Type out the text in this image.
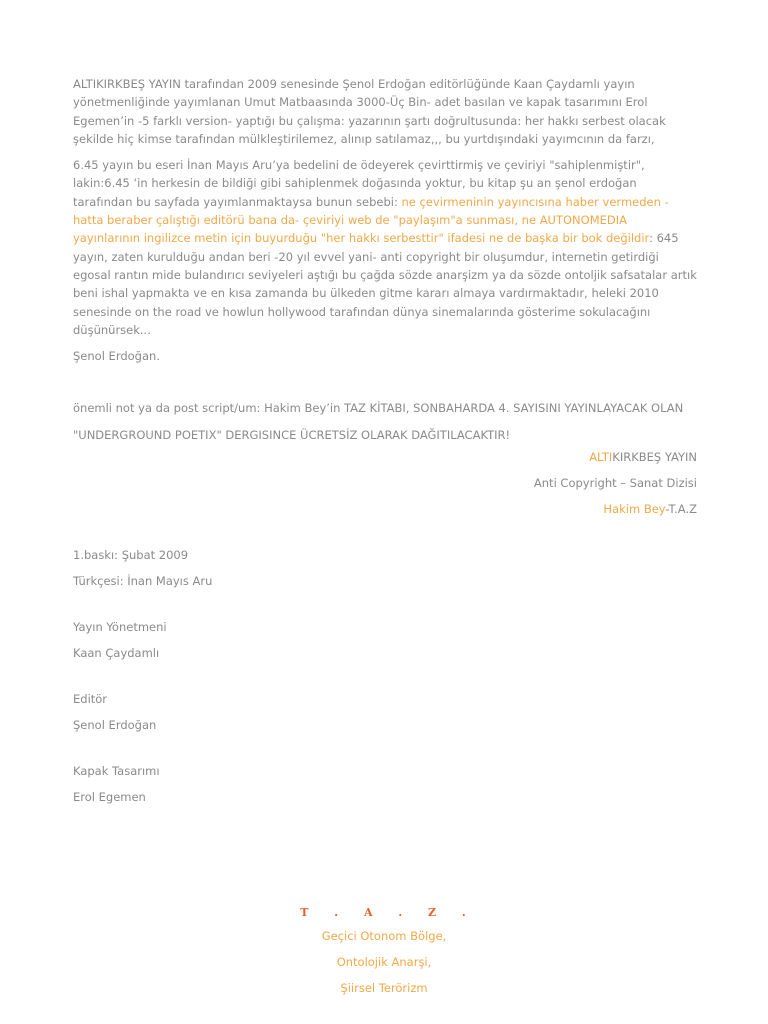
ALTIKIRKBEŞ YAYIN tarafından 2009 senesinde Şenol Erdoğan editörlüğünde Kaan Çaydamlı yayın yönetmenliğinde yayımlanan Umut Matbaasında 3000-Üç Bin- adet basılan ve kapak tasarımını Erol Egemen’in -5 farklı version- yaptığı bu çalışma: yazarının şartı doğrultusunda: her hakkı serbest olacak şekilde hiç kimse tarafından mülkleştirilemez, alınıp satılamaz,,, bu yurtdışındaki yayımcının da farzı,

6.45 yayın bu eseri İnan Mayıs Aru’ya bedelini de ödeyerek çevirttirmiş ve çeviriyi "sahiplenmiştir", lakin:6.45 ‘in herkesin de bildiği gibi sahiplenmek doğasında yoktur, bu kitap şu an şenol erdoğan tarafından bu sayfada yayımlanmaktaysa bunun sebebi: ne çevirmeninin yayıncısına haber vermeden -hatta beraber çalıştığı editörü bana da- çeviriyi web de "paylaşım"a sunması, ne AUTONOMEDIA yayınlarının ingilizce metin için buyurduğu "her hakkı serbesttir" ifadesi ne de başka bir bok değildir: 645 yayın, zaten kurulduğu andan beri -20 yıl evvel yani- anti copyright bir oluşumdur, internetin getirdiği egosal rantın mide bulandırıcı seviyeleri aştığı bu çağda sözde anarşizm ya da sözde ontoljik safsatalar artık beni ishal yapmakta ve en kısa zamanda bu ülkeden gitme kararı almaya vardırmaktadır, heleki 2010 senesinde on the road ve howlun hollywood tarafından dünya sinemalarında gösterime sokulacağını düşünürsek...

Şenol Erdoğan.

önemli not ya da post script/um: Hakim Bey’in TAZ KİTABI, SONBAHARDA 4. SAYISINI YAYINLAYACAK OLAN

"UNDERGROUND POETIX" DERGISINCE ÜCRETSİZ OLARAK DAĞITILACAKTIR!

ALTIKIRKBEŞ YAYIN
Anti Copyright – Sanat Dizisi
Hakim Bey-T.A.Z
1.baskı: Şubat 2009
Türkçesi: İnan Mayıs Aru
Yayın Yönetmeni
Kaan Çaydamlı
Editör
Şenol Erdoğan
Kapak Tasarımı
Erol Egemen
T . A . Z .
Geçici Otonom Bölge,
Ontolojik Anarşi,
Şiirsel Terörizm
